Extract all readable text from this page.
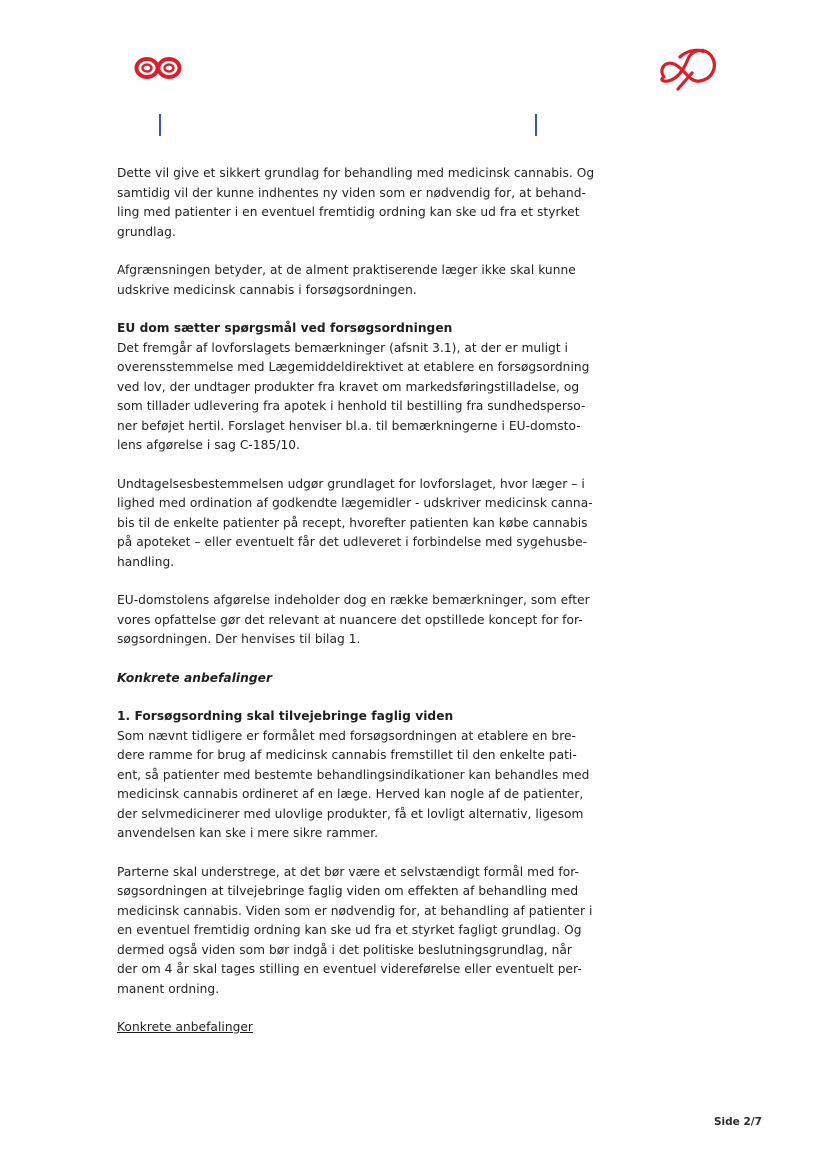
Dette vil give et sikkert grundlag for behandling med medicinsk cannabis. Og
samtidig vil der kunne indhentes ny viden som er nødvendig for, at behand-
ling med patienter i en eventuel fremtidig ordning kan ske ud fra et styrket
grundlag.
Afgrænsningen betyder, at de alment praktiserende læger ikke skal kunne
udskrive medicinsk cannabis i forsøgsordningen.
EU dom sætter spørgsmål ved forsøgsordningen
Det fremgår af lovforslagets bemærkninger (afsnit 3.1), at der er muligt i
overensstemmelse med Lægemiddeldirektivet at etablere en forsøgsordning
ved lov, der undtager produkter fra kravet om markedsføringstilladelse, og
som tillader udlevering fra apotek i henhold til bestilling fra sundhedsperso-
ner beføjet hertil. Forslaget henviser bl.a. til bemærkningerne i EU-domsto-
lens afgørelse i sag C-185/10.
Undtagelsesbestemmelsen udgør grundlaget for lovforslaget, hvor læger – i
lighed med ordination af godkendte lægemidler - udskriver medicinsk canna-
bis til de enkelte patienter på recept, hvorefter patienten kan købe cannabis
på apoteket – eller eventuelt får det udleveret i forbindelse med sygehusbe-
handling.
EU-domstolens afgørelse indeholder dog en række bemærkninger, som efter
vores opfattelse gør det relevant at nuancere det opstillede koncept for for-
søgsordningen. Der henvises til bilag 1.
Konkrete anbefalinger
1. Forsøgsordning skal tilvejebringe faglig viden
Som nævnt tidligere er formålet med forsøgsordningen at etablere en bre-
dere ramme for brug af medicinsk cannabis fremstillet til den enkelte pati-
ent, så patienter med bestemte behandlingsindikationer kan behandles med
medicinsk cannabis ordineret af en læge. Herved kan nogle af de patienter,
der selvmedicinerer med ulovlige produkter, få et lovligt alternativ, ligesom
anvendelsen kan ske i mere sikre rammer.
Parterne skal understrege, at det bør være et selvstændigt formål med for-
søgsordningen at tilvejebringe faglig viden om effekten af behandling med
medicinsk cannabis. Viden som er nødvendig for, at behandling af patienter i
en eventuel fremtidig ordning kan ske ud fra et styrket fagligt grundlag. Og
dermed også viden som bør indgå i det politiske beslutningsgrundlag, når
der om 4 år skal tages stilling en eventuel videreførelse eller eventuelt per-
manent ordning.
Konkrete anbefalinger
Side 2/7
